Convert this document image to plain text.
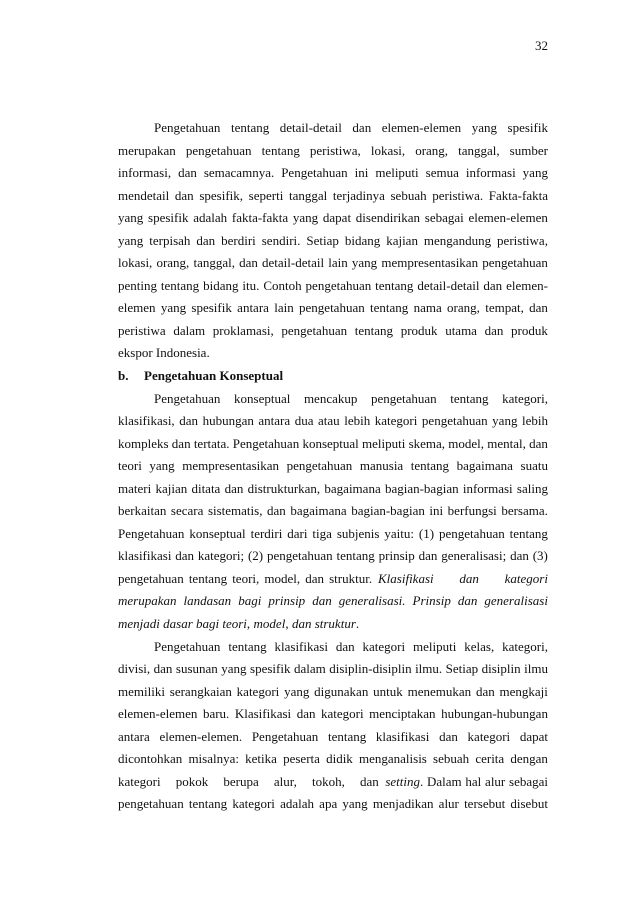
32
Pengetahuan tentang detail-detail dan elemen-elemen yang spesifik
merupakan pengetahuan tentang peristiwa, lokasi, orang, tanggal, sumber
informasi, dan semacamnya. Pengetahuan ini meliputi semua informasi yang
mendetail dan spesifik, seperti tanggal terjadinya sebuah peristiwa. Fakta-fakta
yang spesifik adalah fakta-fakta yang dapat disendirikan sebagai elemen-elemen
yang terpisah dan berdiri sendiri. Setiap bidang kajian mengandung peristiwa,
lokasi, orang, tanggal, dan detail-detail lain yang mempresentasikan pengetahuan
penting tentang bidang itu. Contoh pengetahuan tentang detail-detail dan elemen-
elemen yang spesifik antara lain pengetahuan tentang nama orang, tempat, dan
peristiwa dalam proklamasi, pengetahuan tentang produk utama dan produk
ekspor Indonesia.
b.	Pengetahuan Konseptual
Pengetahuan konseptual mencakup pengetahuan tentang kategori,
klasifikasi, dan hubungan antara dua atau lebih kategori pengetahuan yang lebih
kompleks dan tertata. Pengetahuan konseptual meliputi skema, model, mental, dan
teori yang mempresentasikan pengetahuan manusia tentang bagaimana suatu
materi kajian ditata dan distrukturkan, bagaimana bagian-bagian informasi saling
berkaitan secara sistematis, dan bagaimana bagian-bagian ini berfungsi bersama.
Pengetahuan konseptual terdiri dari tiga subjenis yaitu: (1) pengetahuan tentang
klasifikasi dan kategori; (2) pengetahuan tentang prinsip dan generalisasi; dan (3)
pengetahuan tentang teori, model, dan struktur. Klasifikasi dan kategori
merupakan landasan bagi prinsip dan generalisasi. Prinsip dan generalisasi
menjadi dasar bagi teori , model , dan struktur .
Pengetahuan tentang klasifikasi dan kategori meliputi kelas, kategori,
divisi, dan susunan yang spesifik dalam disiplin-disiplin ilmu. Setiap disiplin ilmu
memiliki serangkaian kategori yang digunakan untuk menemukan dan mengkaji
elemen-elemen baru. Klasifikasi dan kategori menciptakan hubungan-hubungan
antara elemen-elemen. Pengetahuan tentang klasifikasi dan kategori dapat
dicontohkan misalnya: ketika peserta didik menganalisis sebuah cerita dengan
kategori pokok berupa alur, tokoh, dan setting . Dalam hal alur sebagai
pengetahuan tentang kategori adalah apa yang menjadikan alur tersebut disebut
